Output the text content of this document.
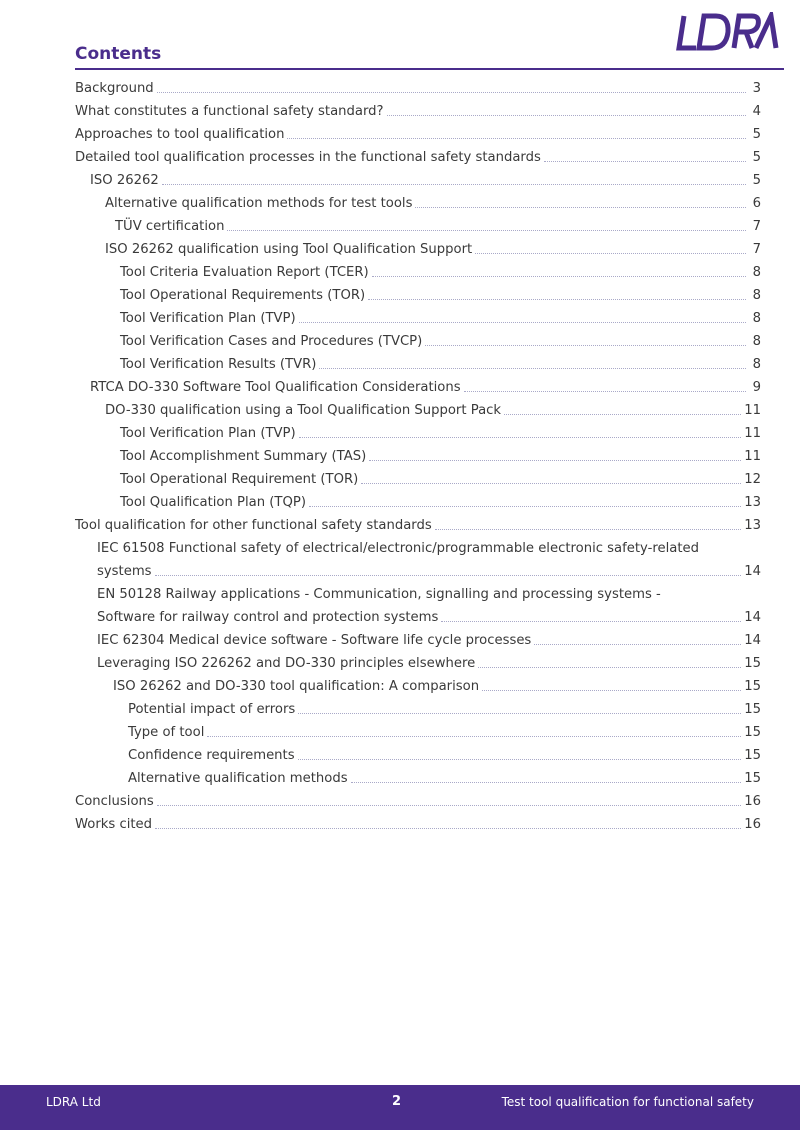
Contents
LDRA Ltd	2	Test tool qualification for functional safety
Background	3
What constitutes a functional safety standard?	4
Approaches to tool qualification	5
Detailed tool qualification processes in the functional safety standards	5
ISO 26262	5
Alternative qualification methods for test tools	6
TÜV certification	7
ISO 26262 qualification using Tool Qualification Support	7
Tool Criteria Evaluation Report (TCER)	8
Tool Operational Requirements (TOR)	8
Tool Verification Plan (TVP)	8
Tool Verification Cases and Procedures (TVCP)	8
Tool Verification Results (TVR)	8
RTCA DO-330 Software Tool Qualification Considerations	9
DO-330 qualification using a Tool Qualification Support Pack	11
Tool Verification Plan (TVP)	11
Tool Accomplishment Summary (TAS)	11
Tool Operational Requirement (TOR)	12
Tool Qualification Plan (TQP)	13
Tool qualification for other functional safety standards	13
IEC 61508 Functional safety of electrical/electronic/programmable electronic safety-related
systems	14
EN 50128 Railway applications - Communication, signalling and processing systems -
Software for railway control and protection systems	14
IEC 62304 Medical device software - Software life cycle processes	14
Leveraging ISO 226262 and DO-330 principles elsewhere	15
ISO 26262 and DO-330 tool qualification: A comparison	15
Potential impact of errors	15
Type of tool	15
Confidence requirements	15
Alternative qualification methods	15
Conclusions	16
Works cited	16
